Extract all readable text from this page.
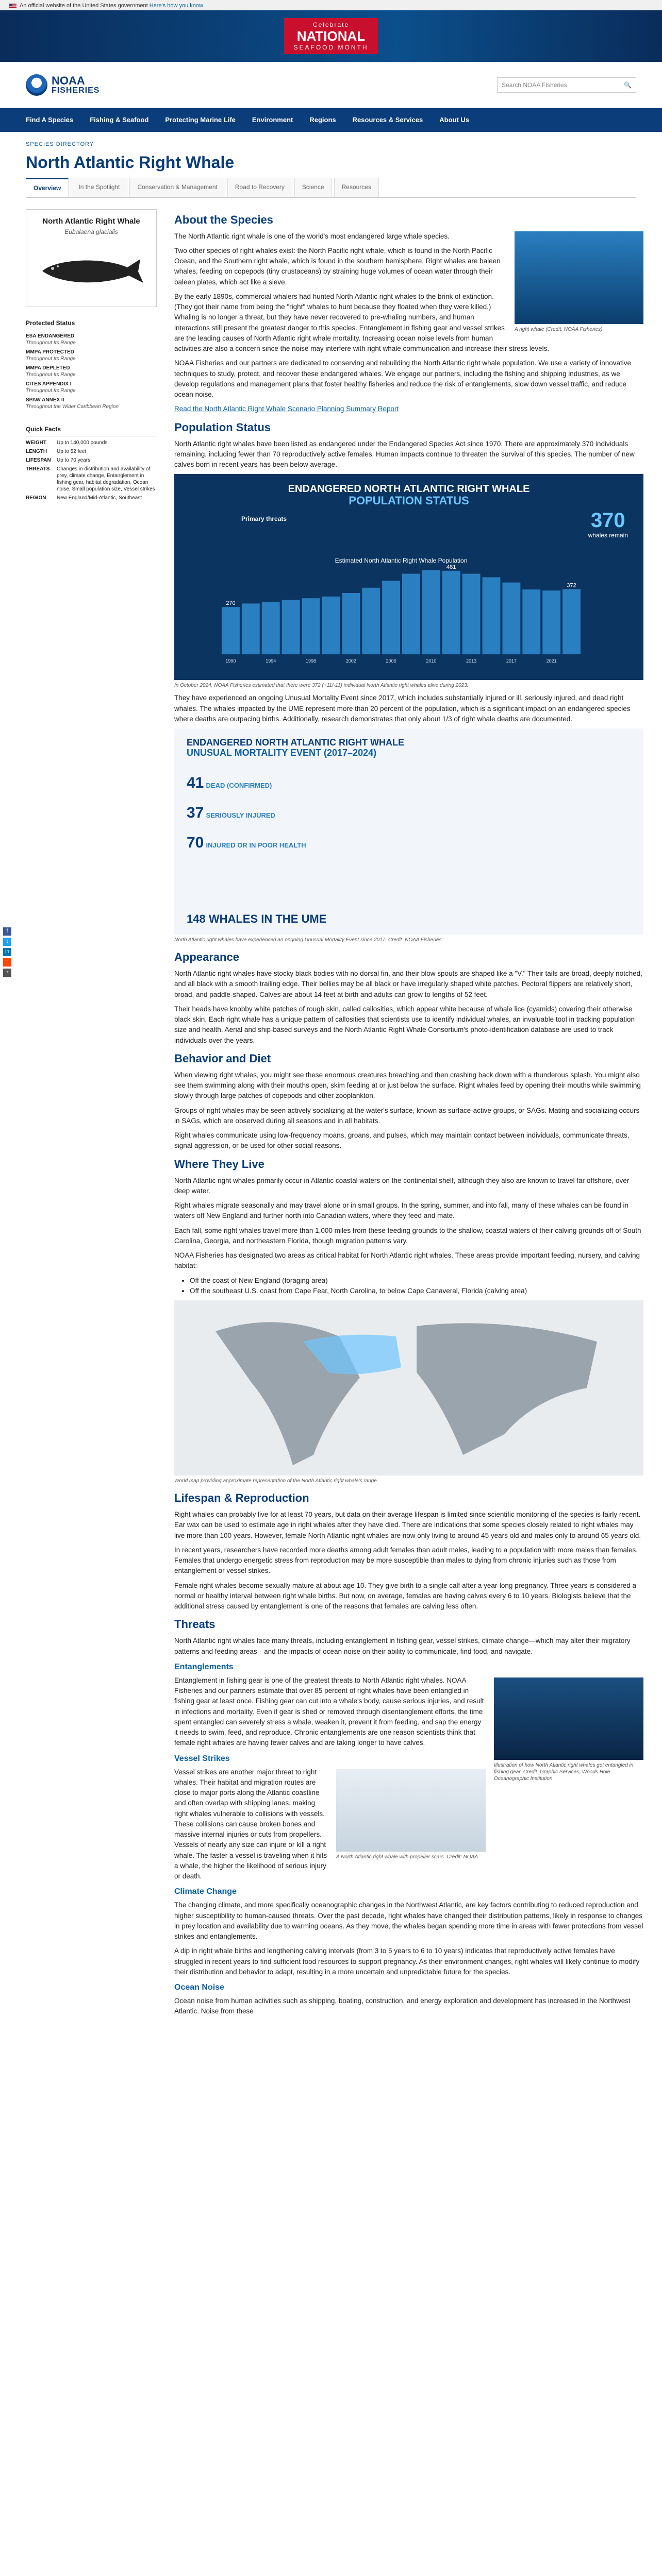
An official website of the United States government Here's how you know
Celebrate
NATIONAL
SEAFOOD MONTH
NOAA
FISHERIES
Search NOAA Fisheries	🔍
Find A Species Fishing & Seafood Protecting Marine Life Environment Regions Resources & Services About Us
SPECIES DIRECTORY
North Atlantic Right Whale
Overview	In the Spotlight	Conservation & Management	Road to Recovery	Science	Resources
f
t
in
r
+
North Atlantic Right Whale
Eubalaena glacialis
Protected Status
ESA ENDANGERED
Throughout Its Range
MMPA PROTECTED
Throughout Its Range
MMPA DEPLETED
Throughout Its Range
CITES APPENDIX I
Throughout Its Range
SPAW ANNEX II
Throughout the Wider Caribbean Region
Quick Facts
WEIGHT	Up to 140,000 pounds
LENGTH	Up to 52 feet
LIFESPAN	Up to 70 years
THREATS	Changes in distribution and availability of prey, climate change, Entanglement in fishing gear, habitat degradation, Ocean noise, Small population size, Vessel strikes
REGION	New England/Mid-Atlantic, Southeast
About the Species
A right whale (Credit: NOAA Fisheries)

The North Atlantic right whale is one of the world's most endangered large whale species.

Two other species of right whales exist: the North Pacific right whale, which is found in the North Pacific Ocean, and the Southern right whale, which is found in the southern hemisphere. Right whales are baleen whales, feeding on copepods (tiny crustaceans) by straining huge volumes of ocean water through their baleen plates, which act like a sieve.

By the early 1890s, commercial whalers had hunted North Atlantic right whales to the brink of extinction. (They got their name from being the "right" whales to hunt because they floated when they were killed.) Whaling is no longer a threat, but they have never recovered to pre-whaling numbers, and human interactions still present the greatest danger to this species. Entanglement in fishing gear and vessel strikes are the leading causes of North Atlantic right whale mortality. Increasing ocean noise levels from human activities are also a concern since the noise may interfere with right whale communication and increase their stress levels.

NOAA Fisheries and our partners are dedicated to conserving and rebuilding the North Atlantic right whale population. We use a variety of innovative techniques to study, protect, and recover these endangered whales. We engage our partners, including the fishing and shipping industries, as we develop regulations and management plans that foster healthy fisheries and reduce the risk of entanglements, slow down vessel traffic, and reduce ocean noise.

Read the North Atlantic Right Whale Scenario Planning Summary Report

Population Status

North Atlantic right whales have been listed as endangered under the Endangered Species Act since 1970. There are approximately 370 individuals remaining, including fewer than 70 reproductively active females. Human impacts continue to threaten the survival of this species. The number of new calves born in recent years has been below average.

ENDANGERED NORTH ATLANTIC RIGHT WHALE
POPULATION STATUS
370
whales remain
Primary threats
270
1990	1994	1998	2002	2006	2010
481
2013	2017	2021
372
Estimated North Atlantic Right Whale Population
In October 2024, NOAA Fisheries estimated that there were 372 (+11/-11) individual North Atlantic right whales alive during 2023.

They have experienced an ongoing Unusual Mortality Event since 2017, which includes substantially injured or ill, seriously injured, and dead right whales. The whales impacted by the UME represent more than 20 percent of the population, which is a significant impact on an endangered species where deaths are outpacing births. Additionally, research demonstrates that only about 1/3 of right whale deaths are documented.

ENDANGERED NORTH ATLANTIC RIGHT WHALE
UNUSUAL MORTALITY EVENT (2017–2024)
41 DEAD (CONFIRMED)
37 SERIOUSLY INJURED
70 INJURED OR IN POOR HEALTH
148 WHALES IN THE UME
North Atlantic right whales have experienced an ongoing Unusual Mortality Event since 2017. Credit: NOAA Fisheries
Appearance

North Atlantic right whales have stocky black bodies with no dorsal fin, and their blow spouts are shaped like a "V." Their tails are broad, deeply notched, and all black with a smooth trailing edge. Their bellies may be all black or have irregularly shaped white patches. Pectoral flippers are relatively short, broad, and paddle-shaped. Calves are about 14 feet at birth and adults can grow to lengths of 52 feet.

Their heads have knobby white patches of rough skin, called callosities, which appear white because of whale lice (cyamids) covering their otherwise black skin. Each right whale has a unique pattern of callosities that scientists use to identify individual whales, an invaluable tool in tracking population size and health. Aerial and ship-based surveys and the North Atlantic Right Whale Consortium's photo-identification database are used to track individuals over the years.

Behavior and Diet

When viewing right whales, you might see these enormous creatures breaching and then crashing back down with a thunderous splash. You might also see them swimming along with their mouths open, skim feeding at or just below the surface. Right whales feed by opening their mouths while swimming slowly through large patches of copepods and other zooplankton.

Groups of right whales may be seen actively socializing at the water's surface, known as surface-active groups, or SAGs. Mating and socializing occurs in SAGs, which are observed during all seasons and in all habitats.

Right whales communicate using low-frequency moans, groans, and pulses, which may maintain contact between individuals, communicate threats, signal aggression, or be used for other social reasons.

Where They Live

North Atlantic right whales primarily occur in Atlantic coastal waters on the continental shelf, although they also are known to travel far offshore, over deep water.

Right whales migrate seasonally and may travel alone or in small groups. In the spring, summer, and into fall, many of these whales can be found in waters off New England and further north into Canadian waters, where they feed and mate.

Each fall, some right whales travel more than 1,000 miles from these feeding grounds to the shallow, coastal waters of their calving grounds off of South Carolina, Georgia, and northeastern Florida, though migration patterns vary.

NOAA Fisheries has designated two areas as critical habitat for North Atlantic right whales. These areas provide important feeding, nursery, and calving habitat:

• Off the coast of New England (foraging area)
• Off the southeast U.S. coast from Cape Fear, North Carolina, to below Cape Canaveral, Florida (calving area)
World map providing approximate representation of the North Atlantic right whale's range.
Lifespan & Reproduction

Right whales can probably live for at least 70 years, but data on their average lifespan is limited since scientific monitoring of the species is fairly recent. Ear wax can be used to estimate age in right whales after they have died. There are indications that some species closely related to right whales may live more than 100 years. However, female North Atlantic right whales are now only living to around 45 years old and males only to around 65 years old.

In recent years, researchers have recorded more deaths among adult females than adult males, leading to a population with more males than females. Females that undergo energetic stress from reproduction may be more susceptible than males to dying from chronic injuries such as those from entanglement or vessel strikes.

Female right whales become sexually mature at about age 10. They give birth to a single calf after a year-long pregnancy. Three years is considered a normal or healthy interval between right whale births. But now, on average, females are having calves every 6 to 10 years. Biologists believe that the additional stress caused by entanglement is one of the reasons that females are calving less often.

Threats

North Atlantic right whales face many threats, including entanglement in fishing gear, vessel strikes, climate change—which may alter their migratory patterns and feeding areas—and the impacts of ocean noise on their ability to communicate, find food, and navigate.

Entanglements
Illustration of how North Atlantic right whales get entangled in fishing gear. Credit: Graphic Services, Woods Hole Oceanographic Institution

Entanglement in fishing gear is one of the greatest threats to North Atlantic right whales. NOAA Fisheries and our partners estimate that over 85 percent of right whales have been entangled in fishing gear at least once. Fishing gear can cut into a whale's body, cause serious injuries, and result in infections and mortality. Even if gear is shed or removed through disentanglement efforts, the time spent entangled can severely stress a whale, weaken it, prevent it from feeding, and sap the energy it needs to swim, feed, and reproduce. Chronic entanglements are one reason scientists think that female right whales are having fewer calves and are taking longer to have calves.

Vessel Strikes
A North Atlantic right whale with propeller scars. Credit: NOAA

Vessel strikes are another major threat to right whales. Their habitat and migration routes are close to major ports along the Atlantic coastline and often overlap with shipping lanes, making right whales vulnerable to collisions with vessels. These collisions can cause broken bones and massive internal injuries or cuts from propellers. Vessels of nearly any size can injure or kill a right whale. The faster a vessel is traveling when it hits a whale, the higher the likelihood of serious injury or death.

Climate Change

The changing climate, and more specifically oceanographic changes in the Northwest Atlantic, are key factors contributing to reduced reproduction and higher susceptibility to human-caused threats. Over the past decade, right whales have changed their distribution patterns, likely in response to changes in prey location and availability due to warming oceans. As they move, the whales began spending more time in areas with fewer protections from vessel strikes and entanglements.

A dip in right whale births and lengthening calving intervals (from 3 to 5 years to 6 to 10 years) indicates that reproductively active females have struggled in recent years to find sufficient food resources to support pregnancy. As their environment changes, right whales will likely continue to modify their distribution and behavior to adapt, resulting in a more uncertain and unpredictable future for the species.

Ocean Noise

Ocean noise from human activities such as shipping, boating, construction, and energy exploration and development has increased in the Northwest Atlantic. Noise from these
